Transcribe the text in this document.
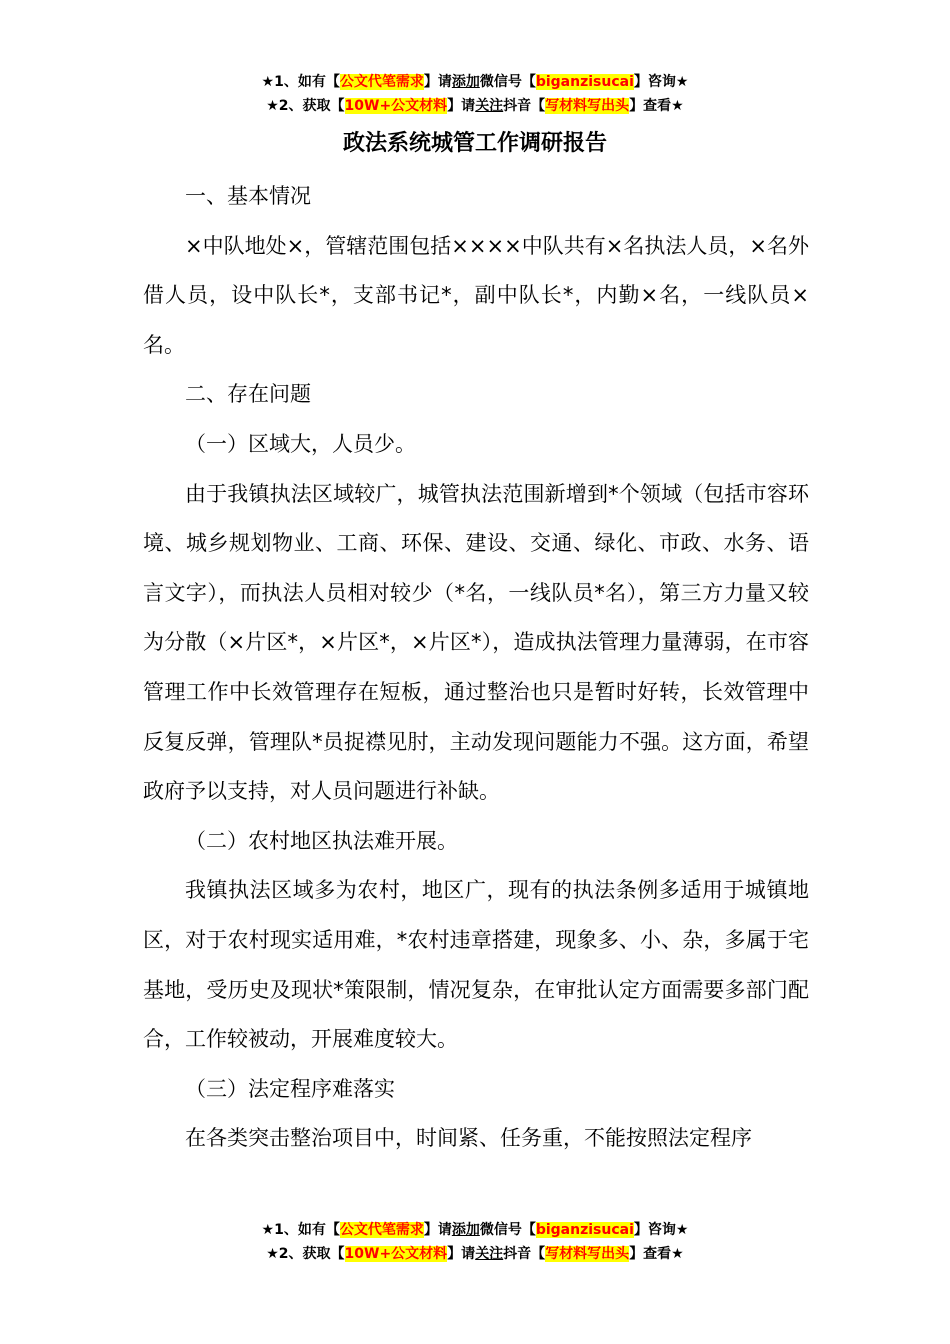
★1、如有【公文代笔需求】请添加微信号【biganzisucai】咨询★
★2、获取【10W+公文材料】请关注抖音【写材料写出头】查看★
政法系统城管工作调研报告

一、基本情况

×中队地处×，管辖范围包括××××中队共有×名执法人员，×名外借人员，设中队长*，支部书记*，副中队长*，内勤×名，一线队员×名。

二、存在问题

（一）区域大，人员少。

由于我镇执法区域较广，城管执法范围新增到*个领域（包括市容环境、城乡规划物业、工商、环保、建设、交通、绿化、市政、水务、语言文字），而执法人员相对较少（*名，一线队员*名），第三方力量又较为分散（×片区*，×片区*，×片区*），造成执法管理力量薄弱，在市容管理工作中长效管理存在短板，通过整治也只是暂时好转，长效管理中反复反弹，管理队*员捉襟见肘，主动发现问题能力不强。这方面，希望政府予以支持，对人员问题进行补缺。

（二）农村地区执法难开展。

我镇执法区域多为农村，地区广，现有的执法条例多适用于城镇地区，对于农村现实适用难，*农村违章搭建，现象多、小、杂，多属于宅基地，受历史及现状*策限制，情况复杂，在审批认定方面需要多部门配合，工作较被动，开展难度较大。

（三）法定程序难落实

在各类突击整治项目中，时间紧、任务重，不能按照法定程序

★1、如有【公文代笔需求】请添加微信号【biganzisucai】咨询★
★2、获取【10W+公文材料】请关注抖音【写材料写出头】查看★
